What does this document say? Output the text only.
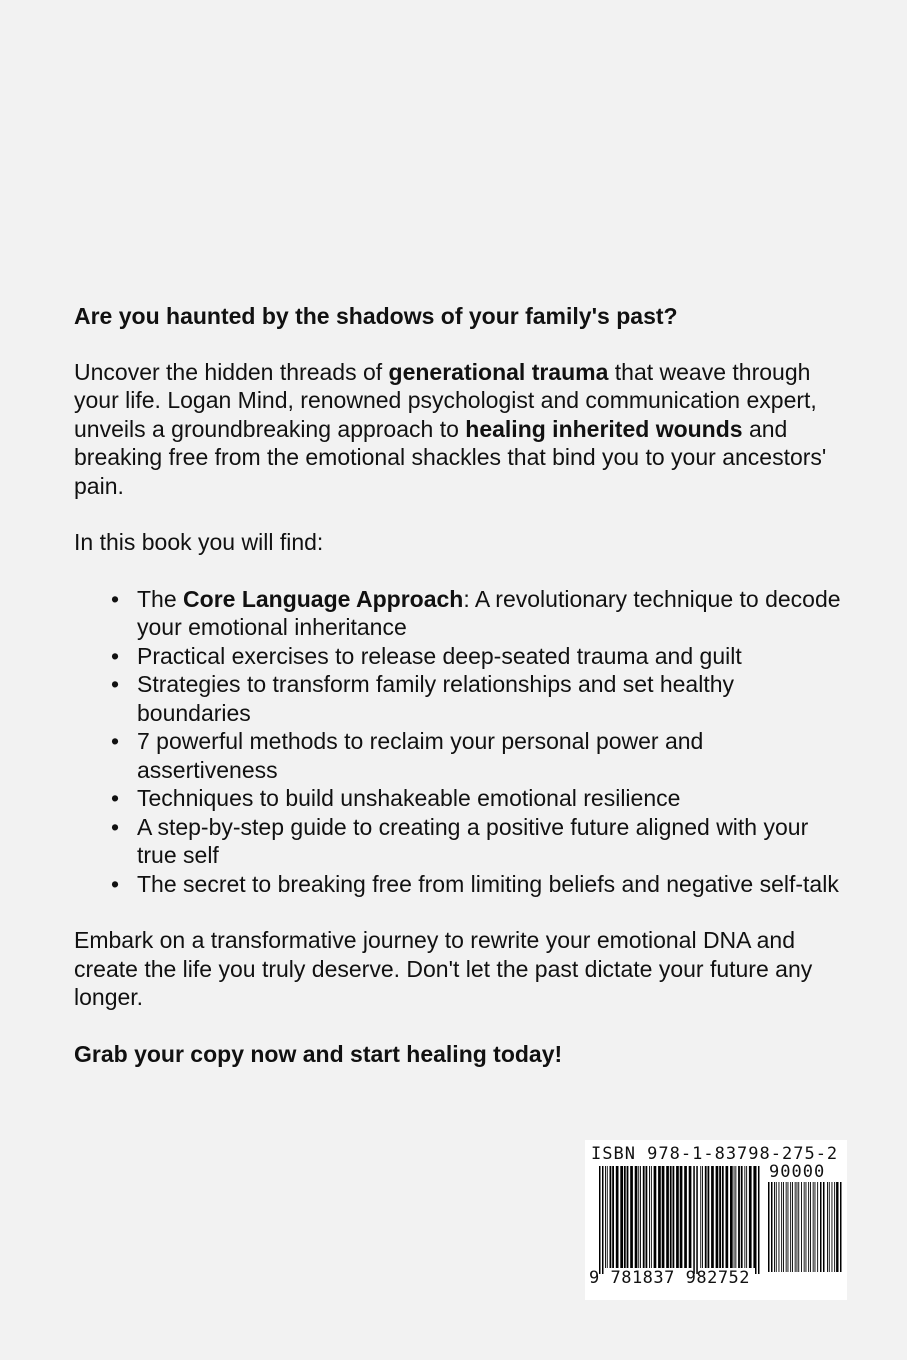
Are you haunted by the shadows of your family's past?

Uncover the hidden threads of generational trauma that weave through your life. Logan Mind, renowned psychologist and communication expert, unveils a groundbreaking approach to healing inherited wounds and breaking free from the emotional shackles that bind you to your ancestors' pain.

In this book you will find:

• The Core Language Approach: A revolutionary technique to decode your emotional inheritance
• Practical exercises to release deep-seated trauma and guilt
• Strategies to transform family relationships and set healthy boundaries
• 7 powerful methods to reclaim your personal power and assertiveness
• Techniques to build unshakeable emotional resilience
• A step-by-step guide to creating a positive future aligned with your true self
• The secret to breaking free from limiting beliefs and negative self-talk

Embark on a transformative journey to rewrite your emotional DNA and create the life you truly deserve. Don't let the past dictate your future any longer.

Grab your copy now and start healing today!
ISBN 978-1-83798-275-2
90000
9 781837 982752
